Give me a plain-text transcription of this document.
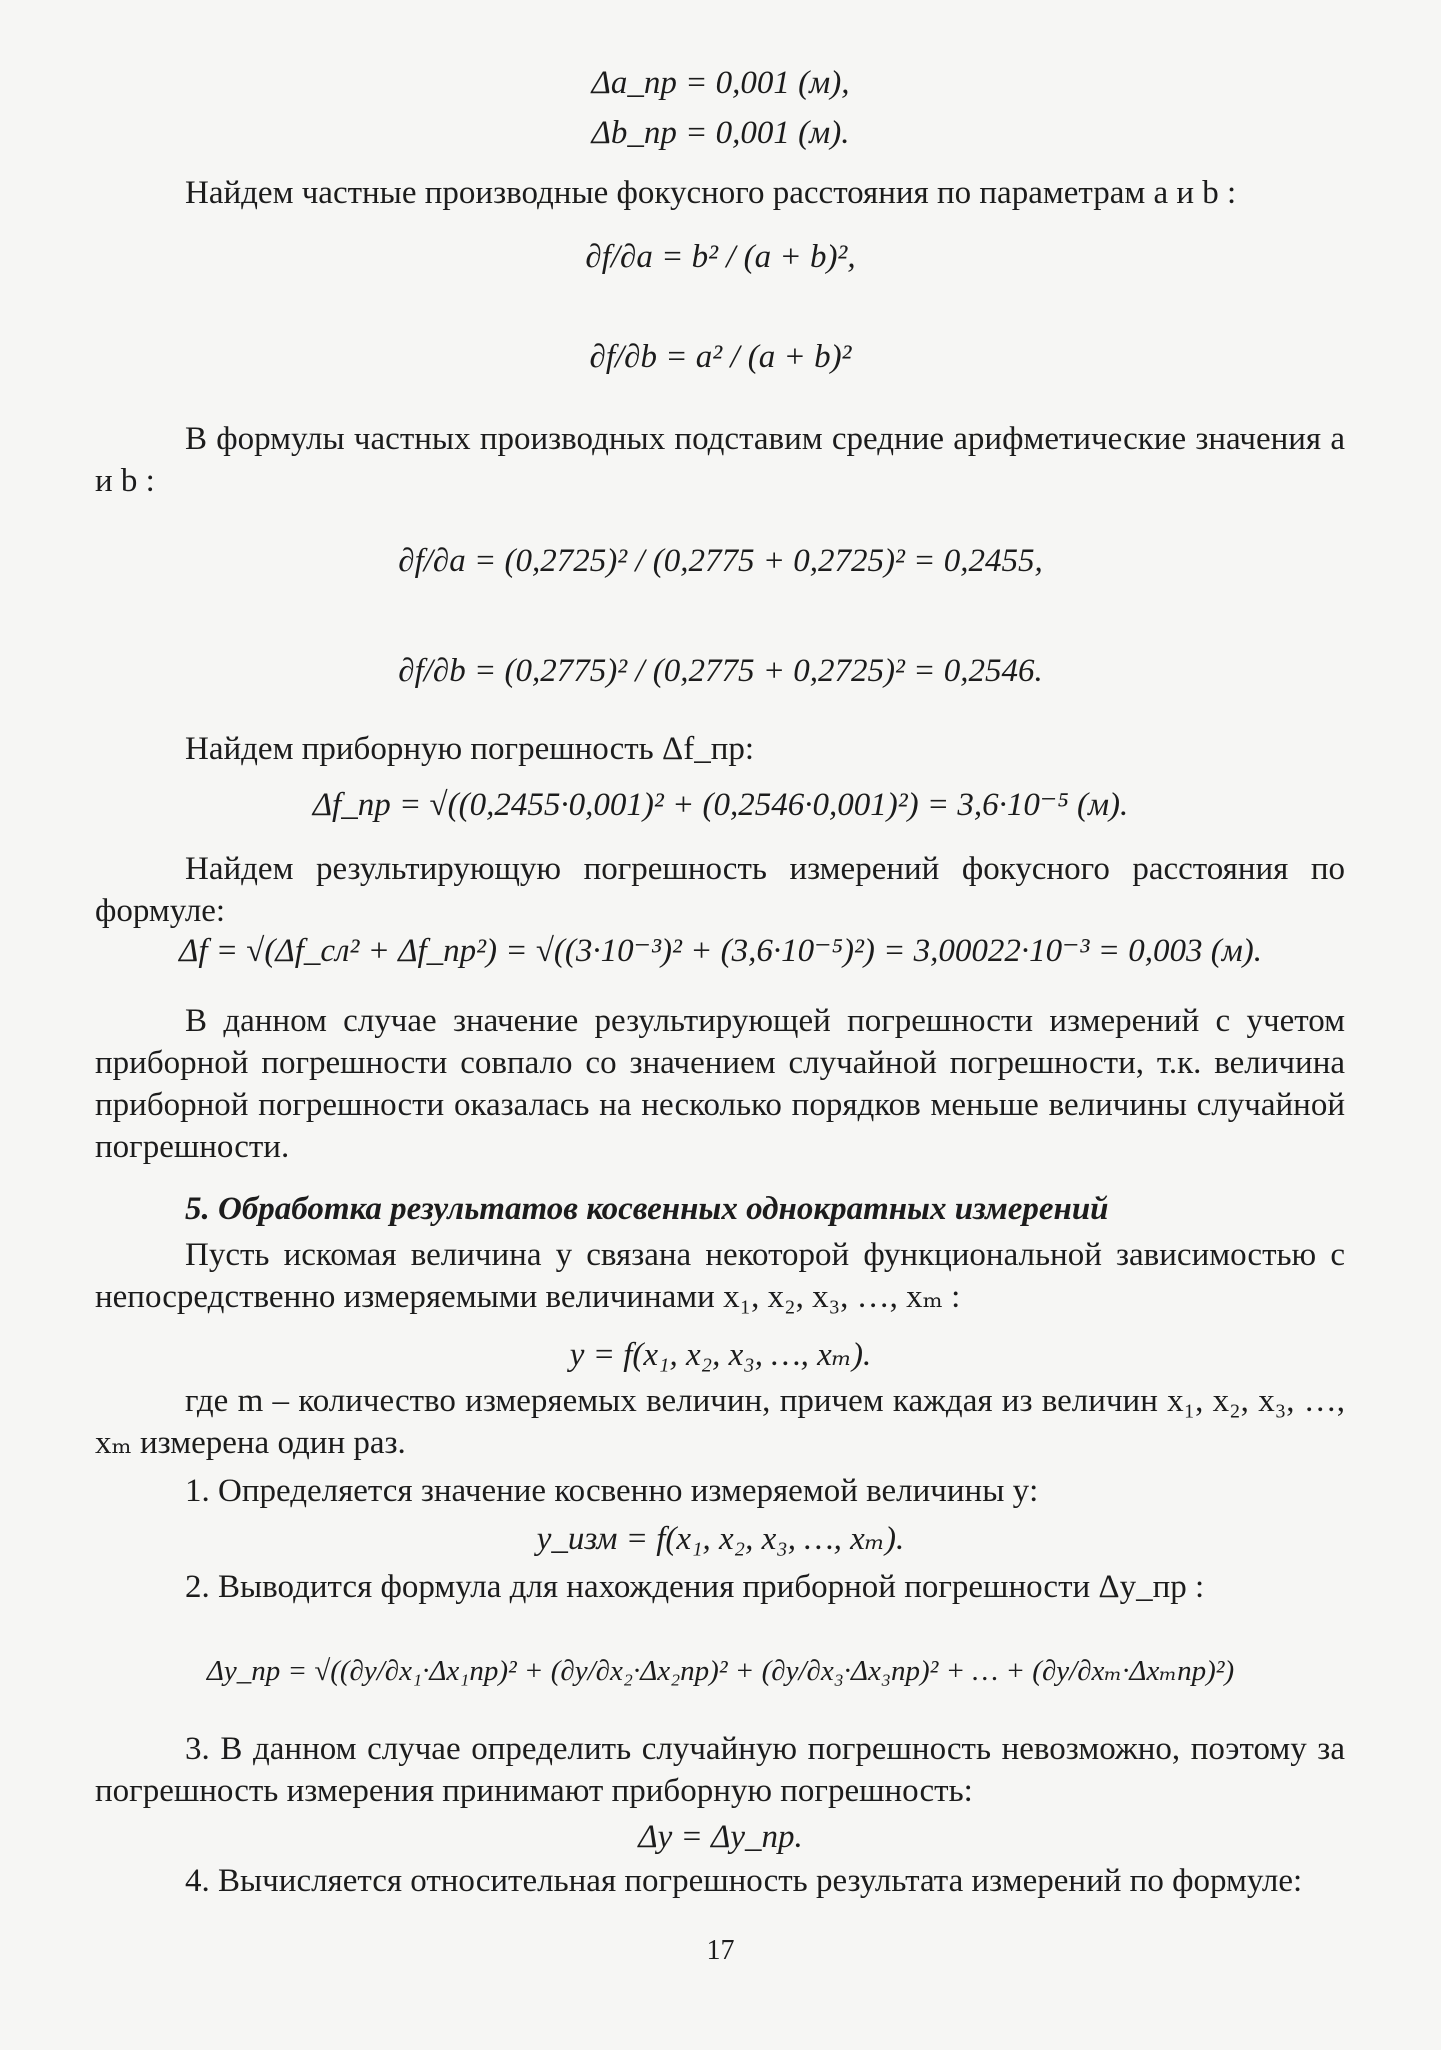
Δa_пр = 0,001 (м),
Δb_пр = 0,001 (м).
Найдем частные производные фокусного расстояния по параметрам a и b :
∂f/∂a = b² / (a + b)²,
∂f/∂b = a² / (a + b)²
В формулы частных производных подставим средние арифметические значения a и b :
∂f/∂a = (0,2725)² / (0,2775 + 0,2725)² = 0,2455,
∂f/∂b = (0,2775)² / (0,2775 + 0,2725)² = 0,2546.
Найдем приборную погрешность Δf_пр:
Δf_пр = √((0,2455·0,001)² + (0,2546·0,001)²) = 3,6·10⁻⁵ (м).
Найдем результирующую погрешность измерений фокусного расстояния по формуле:
Δf = √(Δf_сл² + Δf_пр²) = √((3·10⁻³)² + (3,6·10⁻⁵)²) = 3,00022·10⁻³ = 0,003 (м).
В данном случае значение результирующей погрешности измерений с учетом приборной погрешности совпало со значением случайной погрешности, т.к. величина приборной погрешности оказалась на несколько порядков меньше величины случайной погрешности.
5. Обработка результатов косвенных однократных измерений
Пусть искомая величина y связана некоторой функциональной зависимостью с непосредственно измеряемыми величинами x₁, x₂, x₃, …, xₘ :
y = f(x₁, x₂, x₃, …, xₘ).
где m – количество измеряемых величин, причем каждая из величин x₁, x₂, x₃, …, xₘ измерена один раз.
1. Определяется значение косвенно измеряемой величины y:
y_изм = f(x₁, x₂, x₃, …, xₘ).
2. Выводится формула для нахождения приборной погрешности Δy_пр :
Δy_пр = √((∂y/∂x₁·Δx₁пр)² + (∂y/∂x₂·Δx₂пр)² + (∂y/∂x₃·Δx₃пр)² + … + (∂y/∂xₘ·Δxₘпр)²)
3. В данном случае определить случайную погрешность невозможно, поэтому за погрешность измерения принимают приборную погрешность:
Δy = Δy_пр.
4. Вычисляется относительная погрешность результата измерений по формуле:
17
